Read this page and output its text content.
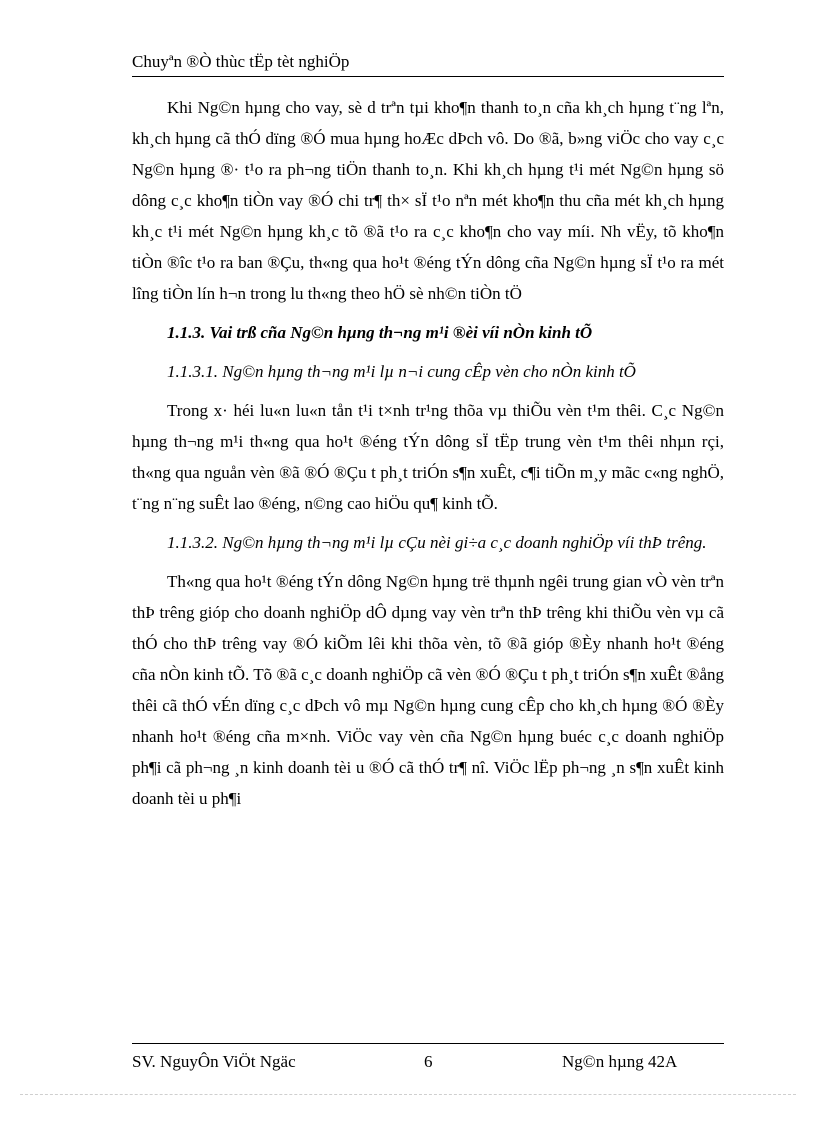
Chuyªn ®Ò thùc tËp tèt nghiÖp

Khi Ng©n hµng cho vay, sè d trªn tµi kho¶n thanh to¸n cña kh¸ch hµng t¨ng lªn, kh¸ch hµng cã thÓ dïng ®Ó mua hµng hoÆc dÞch vô. Do ®ã, b»ng viÖc cho vay c¸c Ng©n hµng ®· t¹o ra ph¬ng tiÖn thanh to¸n. Khi kh¸ch hµng t¹i mét Ng©n hµng sö dông c¸c kho¶n tiÒn vay ®Ó chi tr¶ th× sÏ t¹o nªn mét kho¶n thu cña mét kh¸ch hµng kh¸c t¹i mét Ng©n hµng kh¸c tõ ®ã t¹o ra c¸c kho¶n cho vay míi. Nh vËy, tõ kho¶n tiÒn ®îc t¹o ra ban ®Çu, th«ng qua ho¹t ®éng tÝn dông cña Ng©n hµng sÏ t¹o ra mét lîng tiÒn lín h¬n trong lu th«ng theo hÖ sè nh©n tiÒn tÖ

1.1.3. Vai trß cña Ng©n hµng th¬ng m¹i ®èi víi nÒn kinh tÕ

1.1.3.1. Ng©n hµng th¬ng m¹i lµ n¬i cung cÊp vèn cho nÒn kinh tÕ

Trong x· héi lu«n lu«n tån t¹i t×nh tr¹ng thõa vµ thiÕu vèn t¹m thêi. C¸c Ng©n hµng th¬ng m¹i th«ng qua ho¹t ®éng tÝn dông sÏ tËp trung vèn t¹m thêi nhµn rçi, th«ng qua nguån vèn ®ã ®Ó ®Çu t ph¸t triÓn s¶n xuÊt, c¶i tiÕn m¸y mãc c«ng nghÖ, t¨ng n¨ng suÊt lao ®éng, n©ng cao hiÖu qu¶ kinh tÕ.

1.1.3.2. Ng©n hµng th¬ng m¹i lµ cÇu nèi gi÷a c¸c doanh nghiÖp víi thÞ trêng.

Th«ng qua ho¹t ®éng tÝn dông Ng©n hµng trë thµnh ngêi trung gian vÒ vèn trªn thÞ trêng gióp cho doanh nghiÖp dÔ dµng vay vèn trªn thÞ trêng khi thiÕu vèn vµ cã thÓ cho thÞ trêng vay ®Ó kiÕm lêi khi thõa vèn, tõ ®ã gióp ®Èy nhanh ho¹t ®éng cña nÒn kinh tÕ. Tõ ®ã c¸c doanh nghiÖp cã vèn ®Ó ®Çu t ph¸t triÓn s¶n xuÊt ®ång thêi cã thÓ vÉn dïng c¸c dÞch vô mµ Ng©n hµng cung cÊp cho kh¸ch hµng ®Ó ®Èy nhanh ho¹t ®éng cña m×nh. ViÖc vay vèn cña Ng©n hµng buéc c¸c doanh nghiÖp ph¶i cã ph¬ng ¸n kinh doanh tèi u ®Ó cã thÓ tr¶ nî. ViÖc lËp ph¬ng ¸n s¶n xuÊt kinh doanh tèi u ph¶i

SV. NguyÔn ViÖt Ngäc	6	Ng©n hµng 42A
